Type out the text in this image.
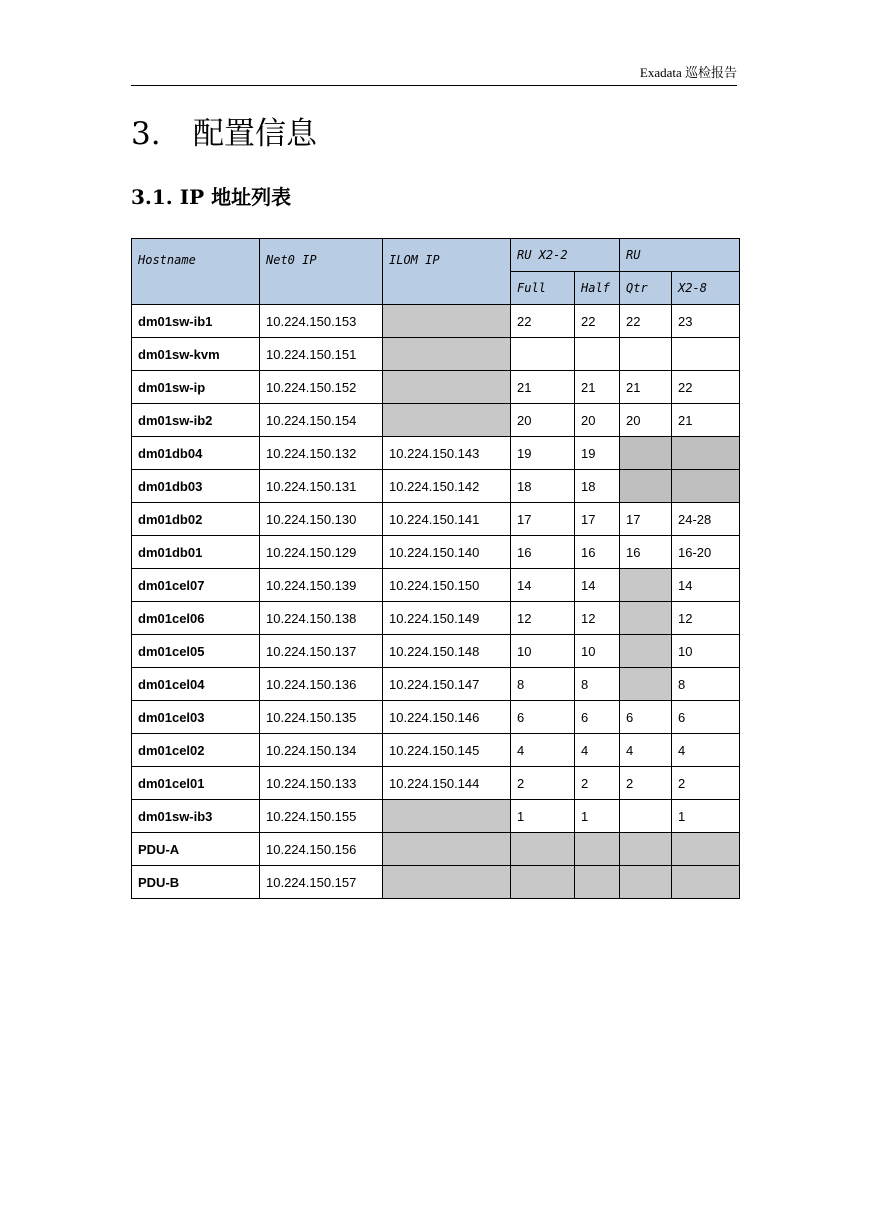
Exadata 巡检报告
3. 配置信息
3.1. IP 地址列表
Hostname	Net0 IP	ILOM IP	RU X2-2		RU	
			Full	Half	Qtr	X2-8
dm01sw-ib1	10.224.150.153		22	22	22	23
dm01sw-kvm	10.224.150.151					
dm01sw-ip	10.224.150.152		21	21	21	22
dm01sw-ib2	10.224.150.154		20	20	20	21
dm01db04	10.224.150.132	10.224.150.143	19	19		
dm01db03	10.224.150.131	10.224.150.142	18	18		
dm01db02	10.224.150.130	10.224.150.141	17	17	17	24-28
dm01db01	10.224.150.129	10.224.150.140	16	16	16	16-20
dm01cel07	10.224.150.139	10.224.150.150	14	14		14
dm01cel06	10.224.150.138	10.224.150.149	12	12		12
dm01cel05	10.224.150.137	10.224.150.148	10	10		10
dm01cel04	10.224.150.136	10.224.150.147	8	8		8
dm01cel03	10.224.150.135	10.224.150.146	6	6	6	6
dm01cel02	10.224.150.134	10.224.150.145	4	4	4	4
dm01cel01	10.224.150.133	10.224.150.144	2	2	2	2
dm01sw-ib3	10.224.150.155		1	1		1
PDU-A	10.224.150.156					
PDU-B	10.224.150.157					
